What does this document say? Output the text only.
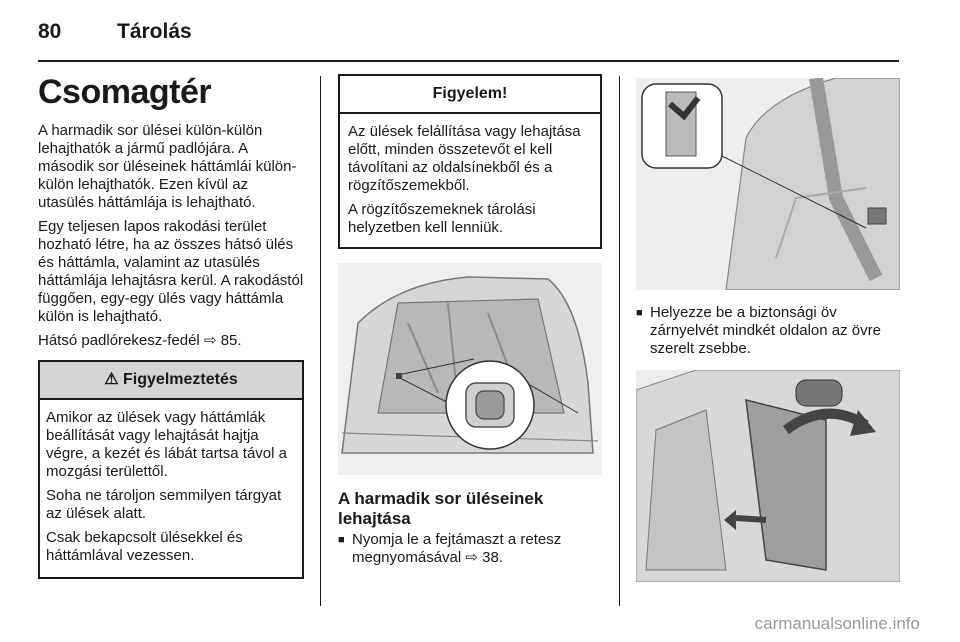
80	Tárolás
Csomagtér

A harmadik sor ülései külön-külön lehajthatók a jármű padlójára. A második sor üléseinek háttámlái külön-külön lehajthatók. Ezen kívül az utasülés háttámlája is lehajtható.

Egy teljesen lapos rakodási terület hozható létre, ha az összes hátsó ülés és háttámla, valamint az utasülés háttámlája lehajtásra kerül. A rakodástól függően, egy-egy ülés vagy háttámla külön is lehajtható.

Hátsó padlórekesz-fedél ⇨ 85.

⚠ Figyelmeztetés

Amikor az ülések vagy háttámlák beállítását vagy lehajtását hajtja végre, a kezét és lábát tartsa távol a mozgási területtől.

Soha ne tároljon semmilyen tárgyat az ülések alatt.

Csak bekapcsolt ülésekkel és háttámlával vezessen.

Figyelem!

Az ülések felállítása vagy lehajtása előtt, minden összetevőt el kell távolítani az oldalsínekből és a rögzítőszemekből.

A rögzítőszemeknek tárolási helyzetben kell lenniük.

A harmadik sor üléseinek lehajtása
■ Nyomja le a fejtámaszt a retesz megnyomásával ⇨ 38.
■ Helyezze be a biztonsági öv zárnyelvét mindkét oldalon az övre szerelt zsebbe.
carmanualsonline.info
